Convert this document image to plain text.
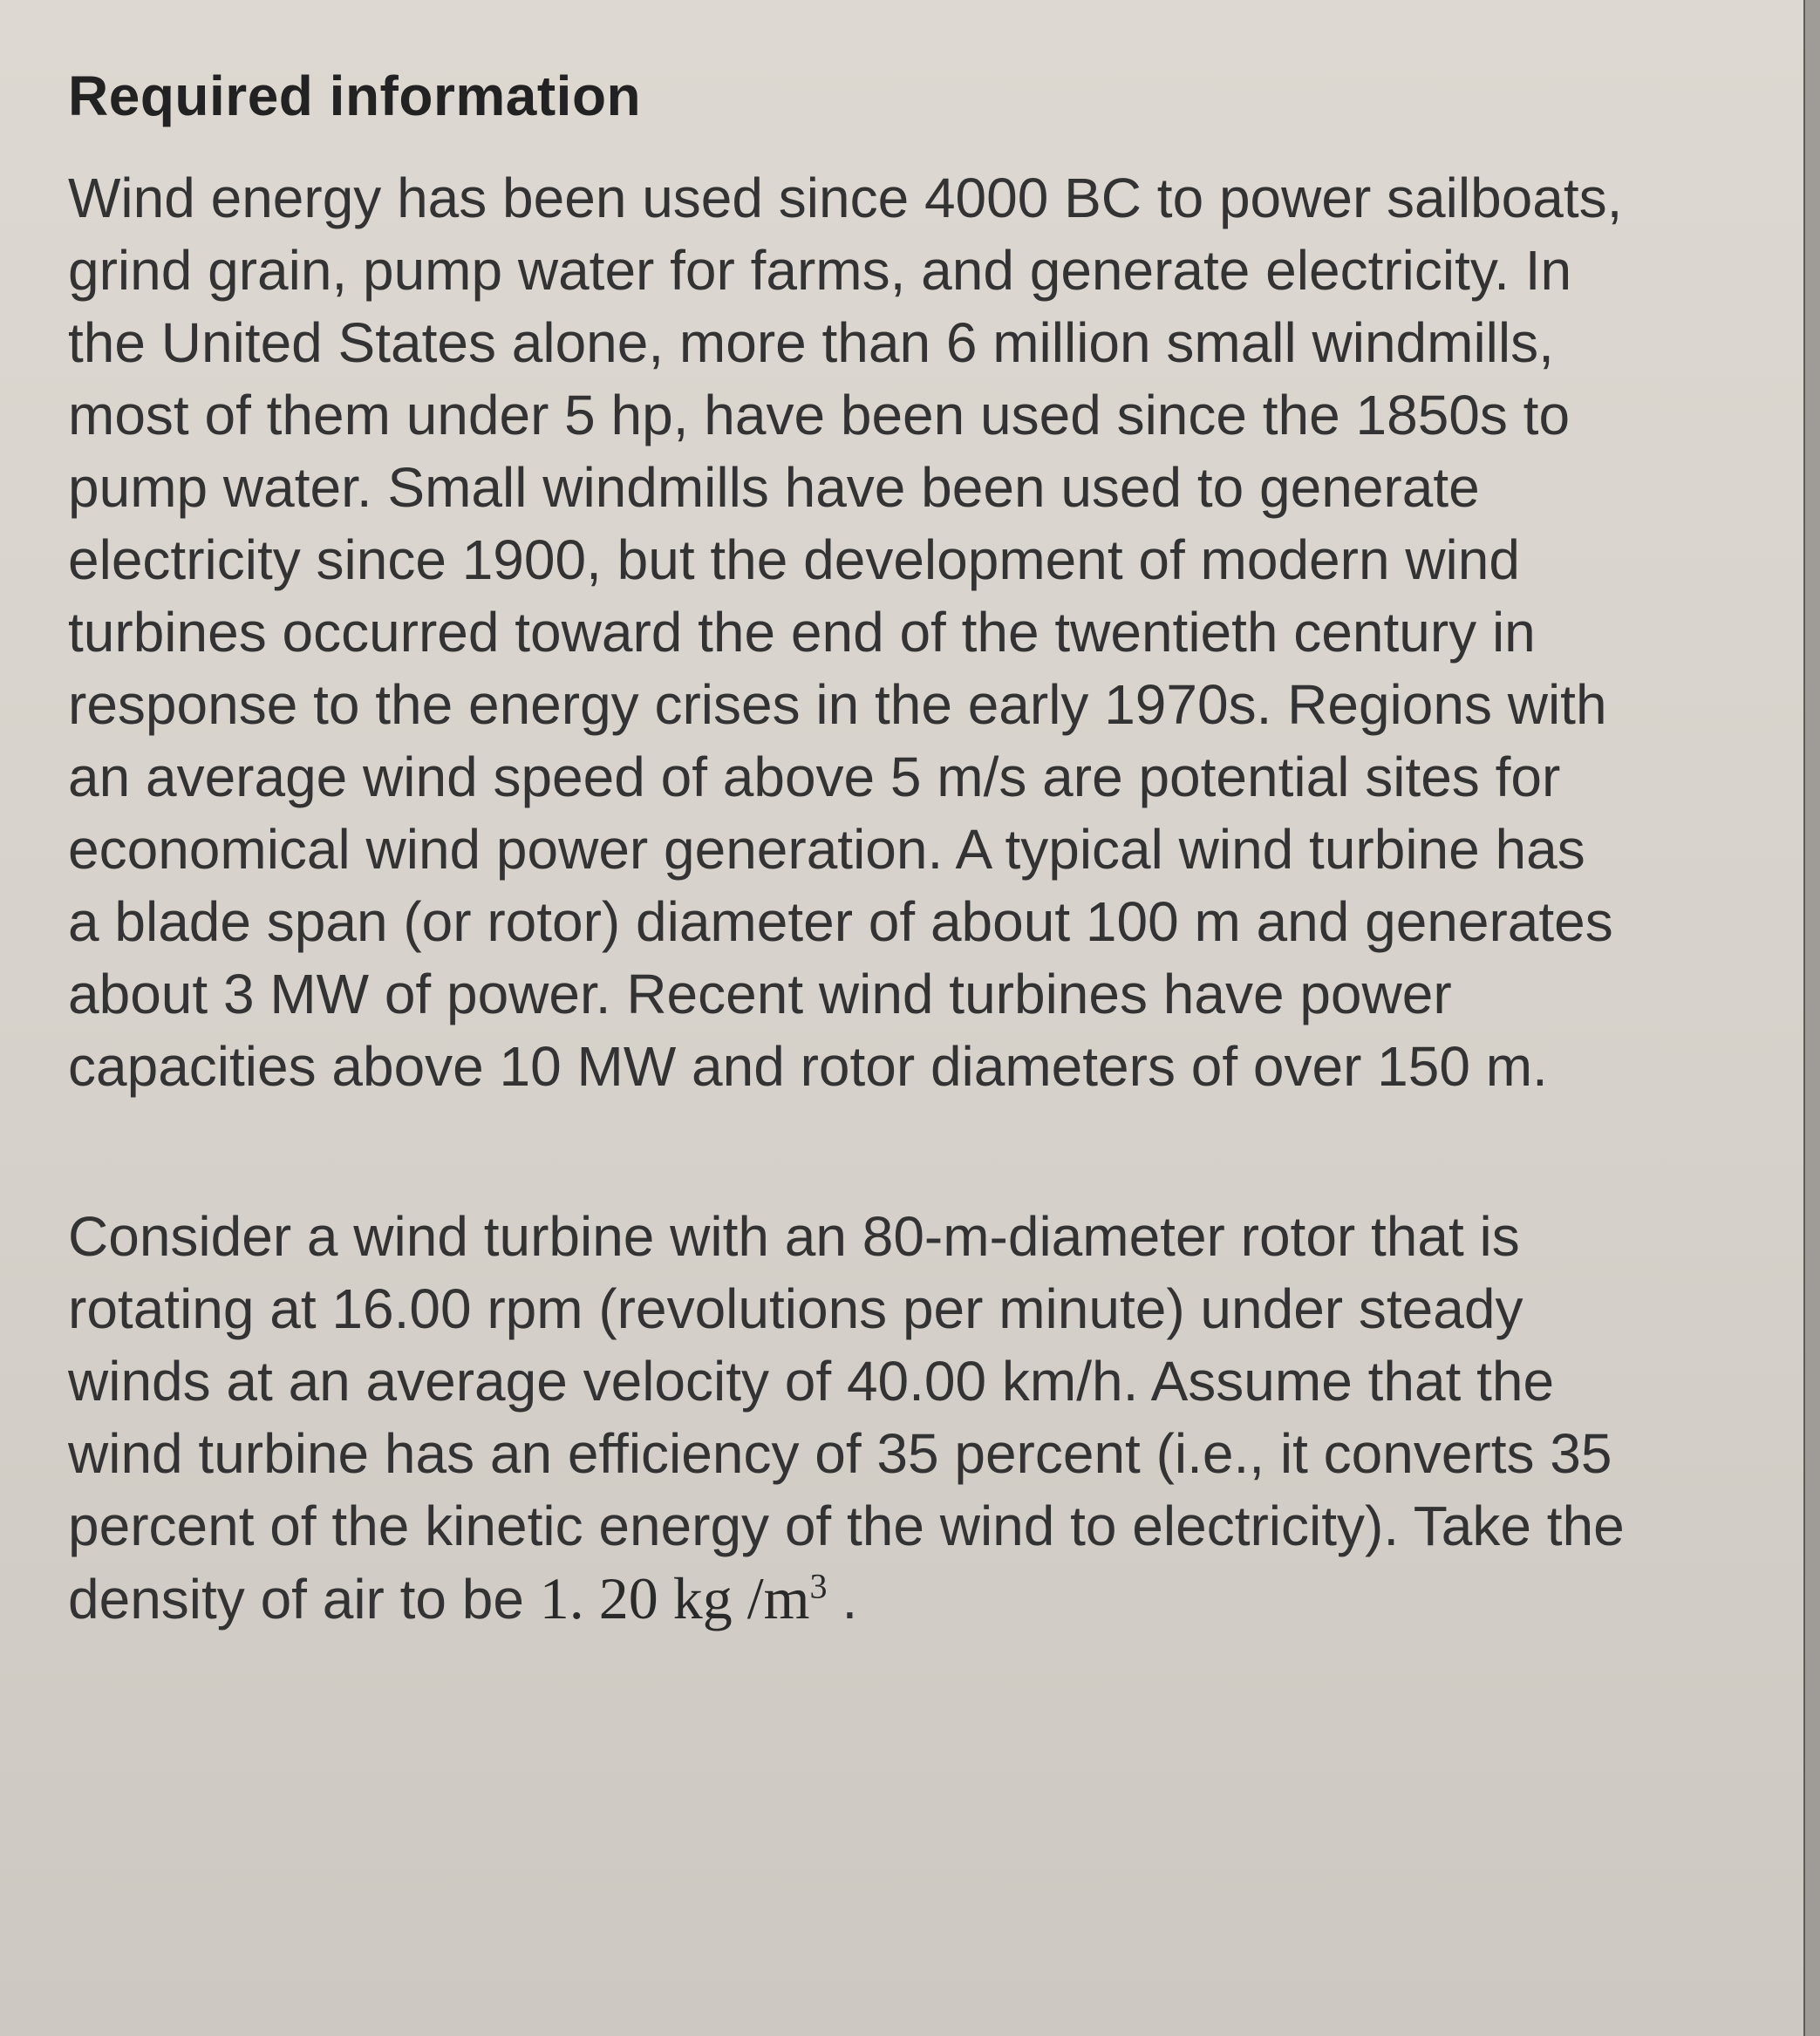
Required information

Wind energy has been used since 4000 BC to power sailboats, grind grain, pump water for farms, and generate electricity. In the United States alone, more than 6 million small windmills, most of them under 5 hp, have been used since the 1850s to pump water. Small windmills have been used to generate electricity since 1900, but the development of modern wind turbines occurred toward the end of the twentieth century in response to the energy crises in the early 1970s. Regions with an average wind speed of above 5 m/s are potential sites for economical wind power generation. A typical wind turbine has a blade span (or rotor) diameter of about 100 m and generates about 3 MW of power. Recent wind turbines have power capacities above 10 MW and rotor diameters of over 150 m.

Consider a wind turbine with an 80-m-diameter rotor that is rotating at 16.00 rpm (revolutions per minute) under steady winds at an average velocity of 40.00 km/h. Assume that the wind turbine has an efficiency of 35 percent (i.e., it converts 35 percent of the kinetic energy of the wind to electricity). Take the density of air to be 1. 20 kg $/m^3$ .
